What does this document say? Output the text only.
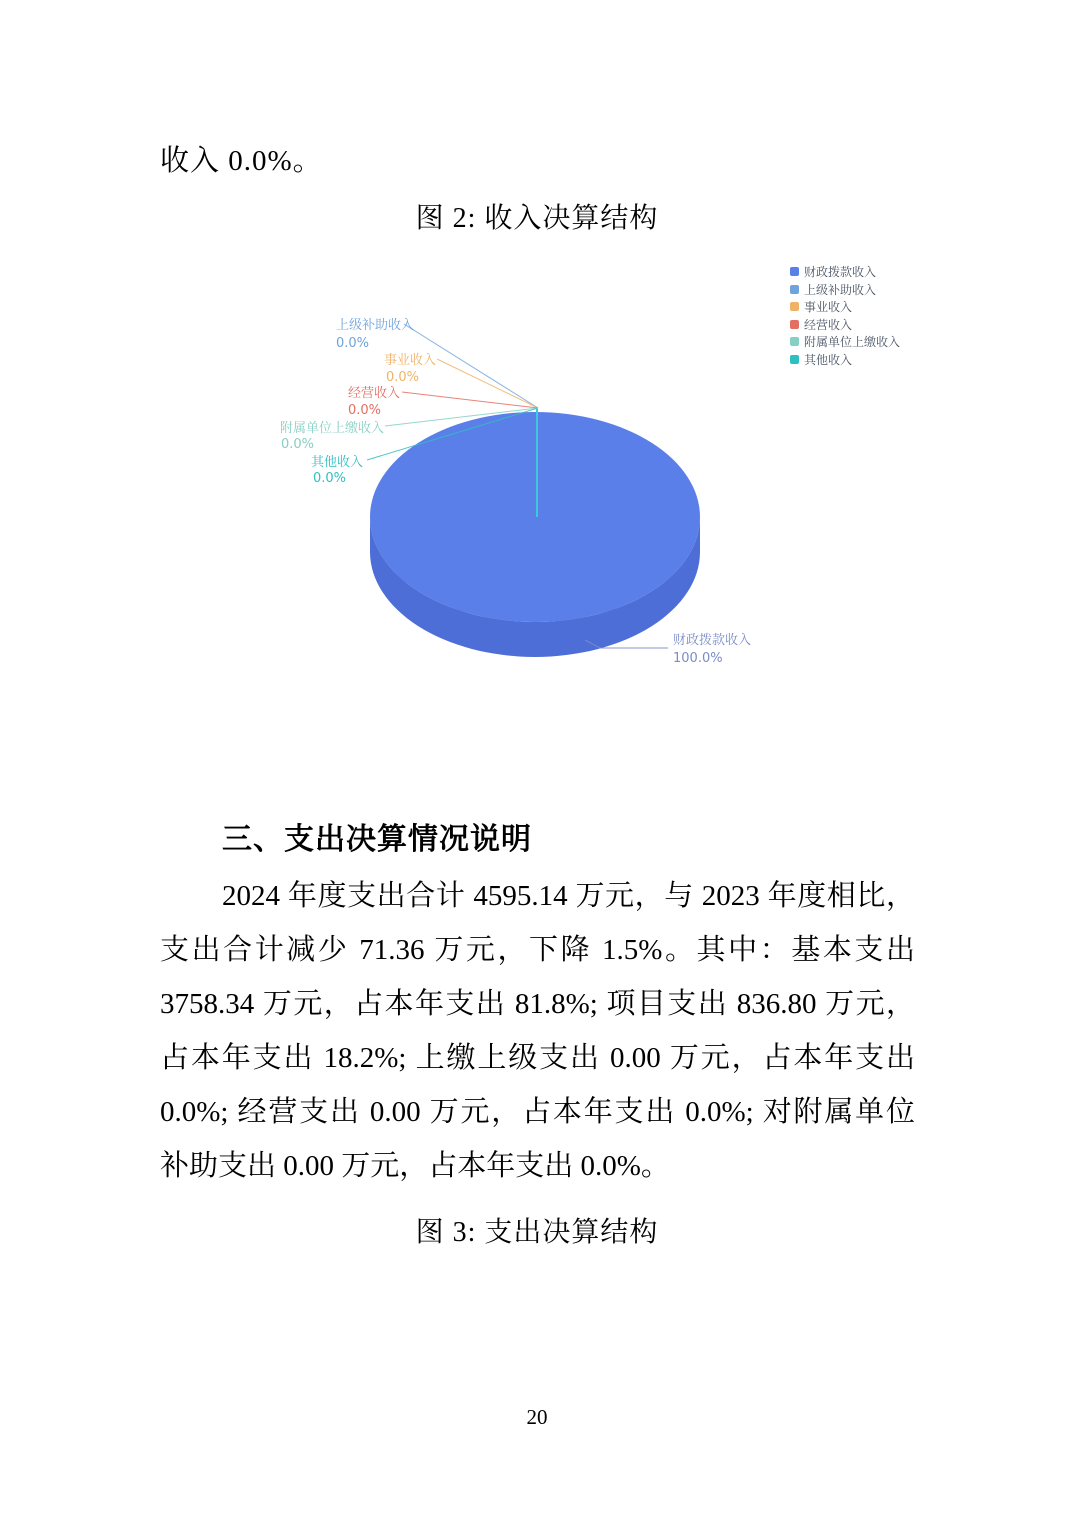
收入 0.0%。
图 2: 收入决算结构
上级补助收入
0.0%
事业收入
0.0%
经营收入
0.0%
附属单位上缴收入
0.0%
其他收入
0.0%
财政拨款收入
100.0%
财政拨款收入
上级补助收入
事业收入
经营收入
附属单位上缴收入
其他收入
三、支出决算情况说明
2024 年度支出合计 4595.14 万元，与 2023 年度相比，
支出合计减少 71.36 万元，下降 1.5%。其中：基本支出
3758.34 万元，占本年支出 81.8%; 项目支出 836.80 万元，
占本年支出 18.2%; 上缴上级支出 0.00 万元，占本年支出
0.0%; 经营支出 0.00 万元，占本年支出 0.0%; 对附属单位
补助支出 0.00 万元，占本年支出 0.0%。
图 3: 支出决算结构
20
